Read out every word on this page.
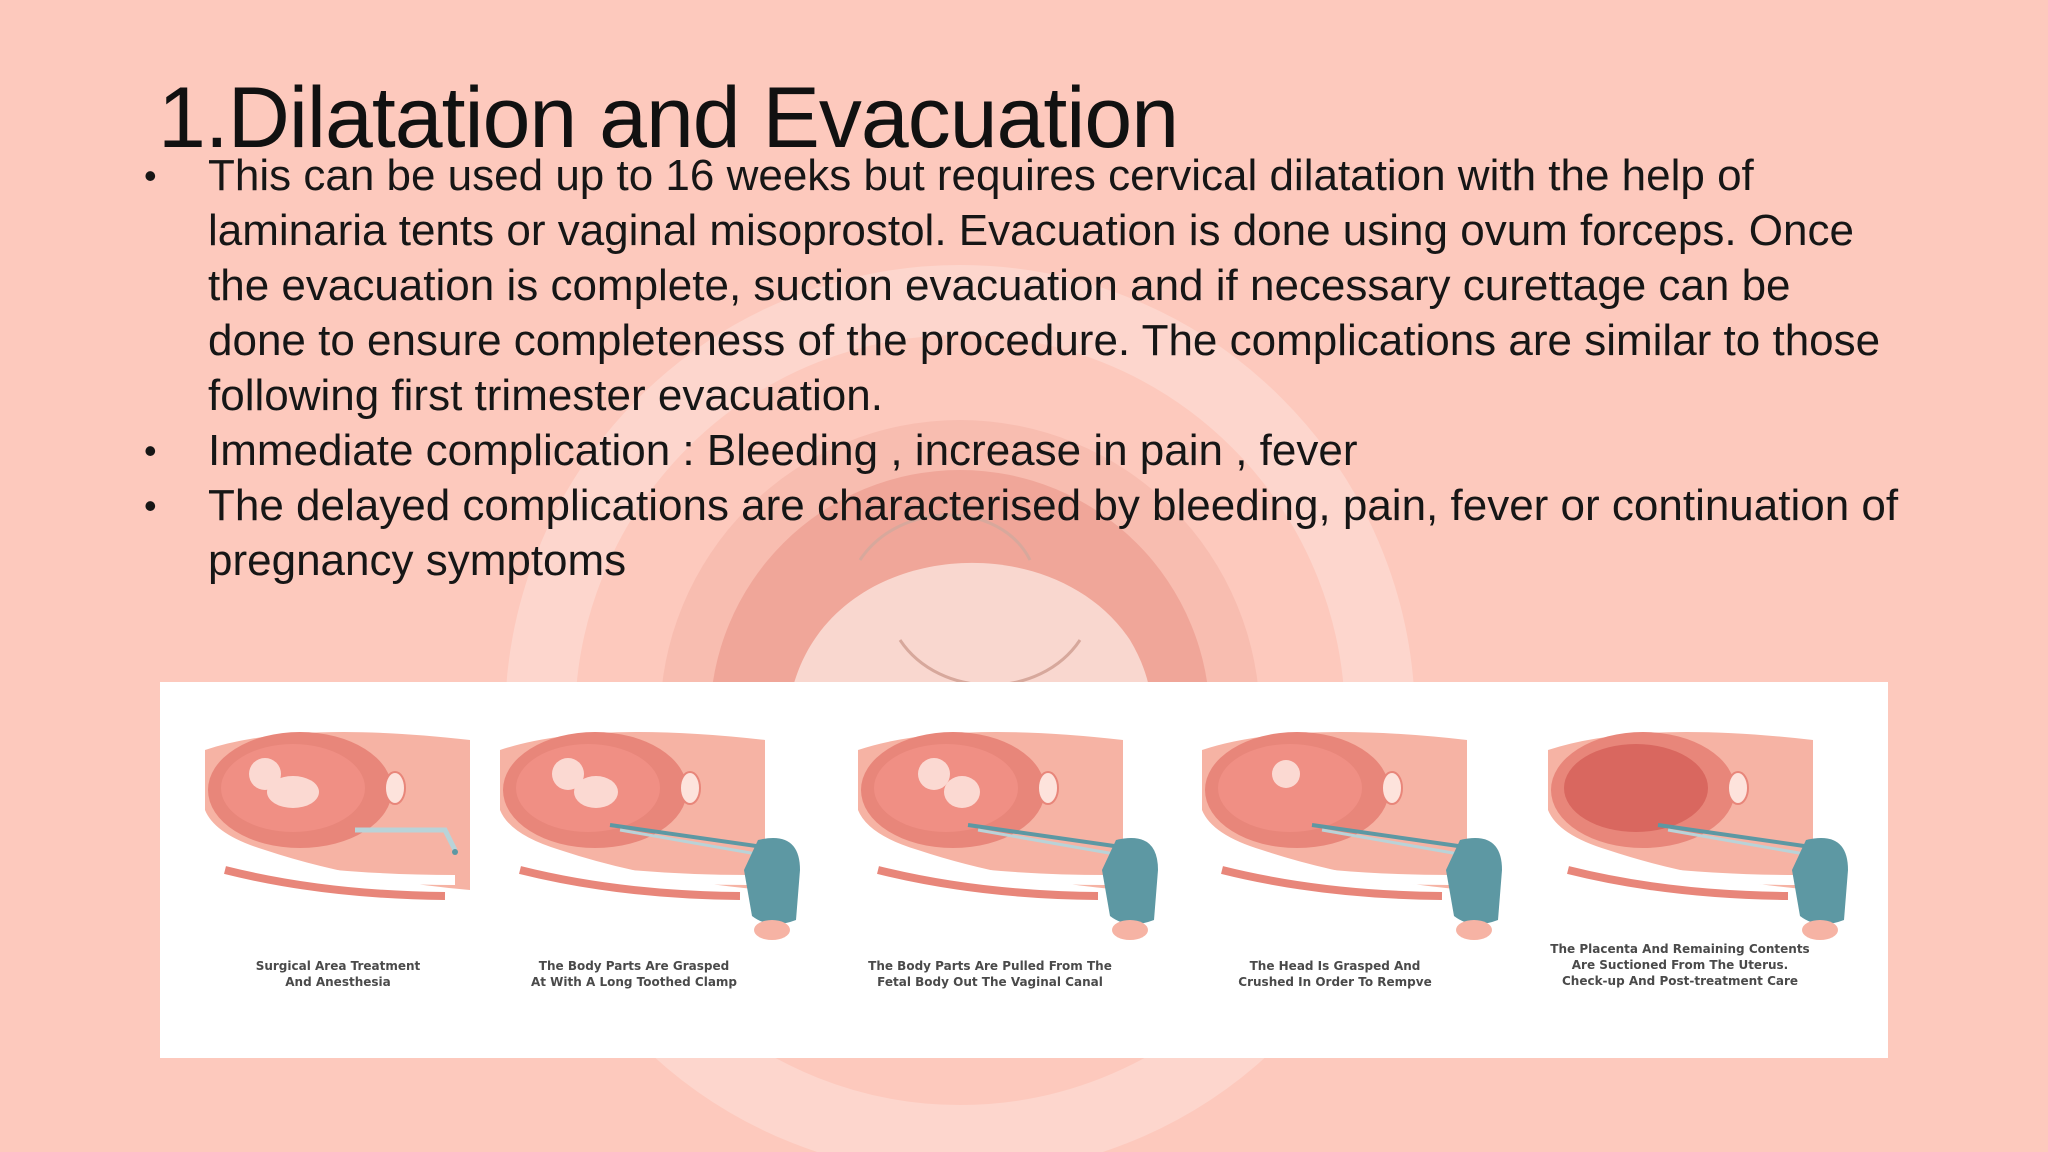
1.Dilatation and Evacuation
•	This can be used up to 16 weeks but requires cervical dilatation with the help of laminaria tents or vaginal misoprostol. Evacuation is done using ovum forceps. Once the evacuation is complete, suction evacuation and if necessary curettage can be done to ensure completeness of the procedure. The complications are similar to those following first trimester evacuation.
•	Immediate complication : Bleeding , increase in pain , fever
•	The delayed complications are characterised by bleeding, pain, fever or continuation of pregnancy symptoms
Surgical Area Treatment
And Anesthesia
The Body Parts Are Grasped
At With A Long Toothed Clamp
The Body Parts Are Pulled From The
Fetal Body Out The Vaginal Canal
The Head Is Grasped And
Crushed In Order To Rempve
The Placenta And Remaining Contents
Are Suctioned From The Uterus.
Check-up And Post-treatment Care
